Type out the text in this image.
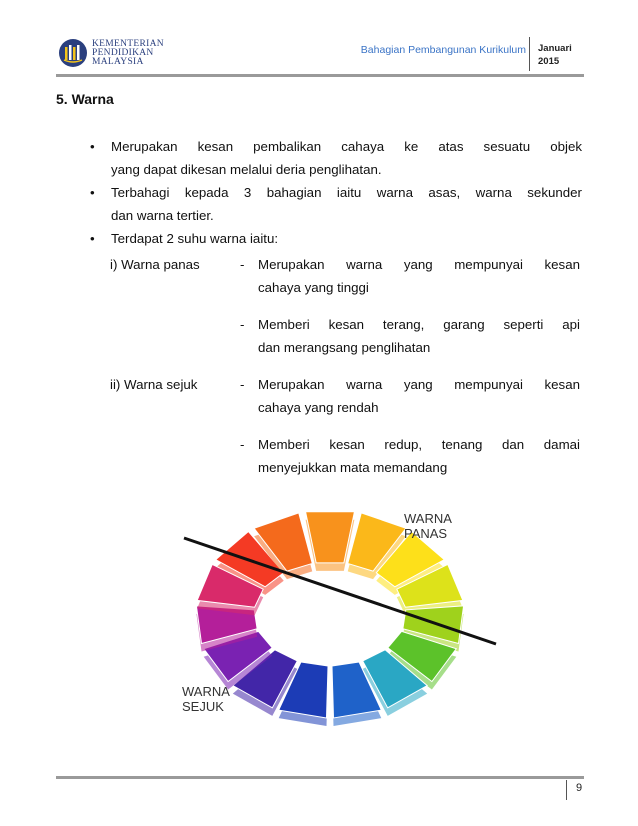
KEMENTERIAN
PENDIDIKAN
MALAYSIA
Bahagian Pembangunan Kurikulum Januari
2015
5. Warna
• Merupakan kesan pembalikan cahaya ke atas sesuatu objek
yang dapat dikesan melalui deria penglihatan.
• Terbahagi kepada 3 bahagian iaitu warna asas, warna sekunder
dan warna tertier.
• Terdapat 2 suhu warna iaitu:
i) Warna panas	- Merupakan warna yang mempunyai kesan
cahaya yang tinggi
- Memberi kesan terang, garang seperti api
dan merangsang penglihatan
ii) Warna sejuk	- Merupakan warna yang mempunyai kesan
cahaya yang rendah
- Memberi kesan redup, tenang dan damai
menyejukkan mata memandang
WARNA
PANAS
WARNA
SEJUK
9
